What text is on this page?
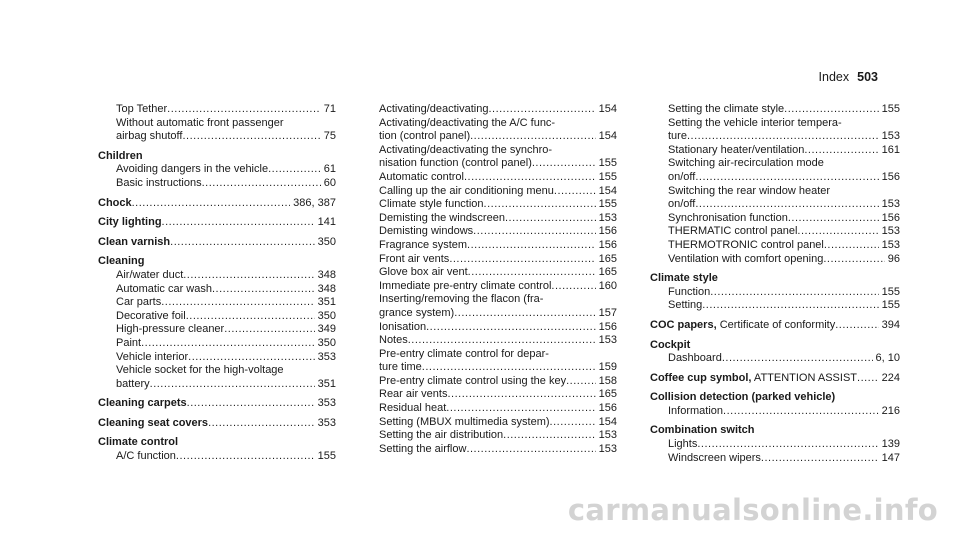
Index 503
Top Tether .....	71
Without automatic front passenger
airbag shutoff .....	75
Children
Avoiding dangers in the vehicle .....	61
Basic instructions .....	60
Chock .....	386, 387
City lighting .....	141
Clean varnish .....	350
Cleaning
Air/water duct .....	348
Automatic car wash .....	348
Car parts .....	351
Decorative foil .....	350
High-pressure cleaner .....	349
Paint .....	350
Vehicle interior .....	353
Vehicle socket for the high-voltage
battery .....	351
Cleaning carpets .....	353
Cleaning seat covers .....	353
Climate control
A/C function .....	155
Activating/deactivating .....	154
Activating/deactivating the A/C func-
tion (control panel) .....	154
Activating/deactivating the synchro-
nisation function (control panel) .....	155
Automatic control .....	155
Calling up the air conditioning menu .....	154
Climate style function .....	155
Demisting the windscreen .....	153
Demisting windows .....	156
Fragrance system .....	156
Front air vents .....	165
Glove box air vent .....	165
Immediate pre-entry climate control .....	160
Inserting/removing the flacon (fra-
grance system) .....	157
Ionisation .....	156
Notes .....	153
Pre-entry climate control for depar-
ture time .....	159
Pre-entry climate control using the key .....	158
Rear air vents .....	165
Residual heat .....	156
Setting (MBUX multimedia system) .....	154
Setting the air distribution .....	153
Setting the airflow .....	153
Setting the climate style .....	155
Setting the vehicle interior tempera-
ture .....	153
Stationary heater/ventilation .....	161
Switching air-recirculation mode
on/off .....	156
Switching the rear window heater
on/off .....	153
Synchronisation function .....	156
THERMATIC control panel .....	153
THERMOTRONIC control panel .....	153
Ventilation with comfort opening .....	96
Climate style
Function .....	155
Setting .....	155
COC papers, Certificate of conformity .....	394
Cockpit
Dashboard .....	6, 10
Coffee cup symbol, ATTENTION ASSIST ..... 224
Collision detection (parked vehicle)
Information .....	216
Combination switch
Lights .....	139
Windscreen wipers .....	147
carmanualsonline.info
